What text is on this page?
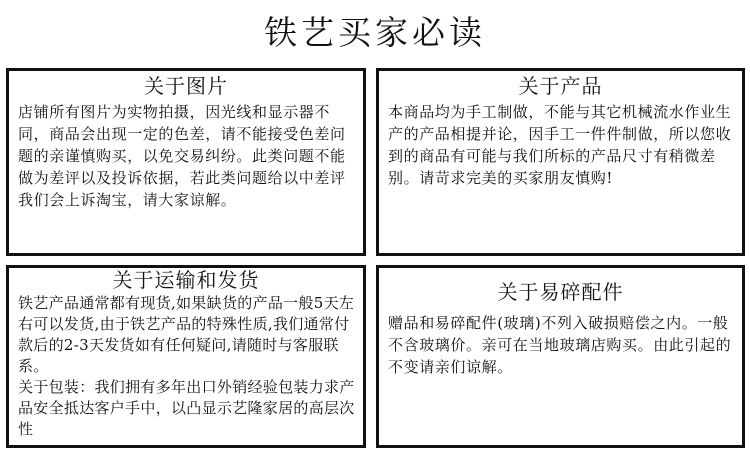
铁艺买家必读
关于图片
店铺所有图片为实物拍摄，因光线和显示器不同，商品会出现一定的色差，请不能接受色差问题的亲谨慎购买，以免交易纠纷。此类问题不能做为差评以及投诉依据，若此类问题给以中差评我们会上诉淘宝，请大家谅解。
关于产品
本商品均为手工制做，不能与其它机械流水作业生产的产品相提并论，因手工一件件制做，所以您收到的商品有可能与我们所标的产品尺寸有稍微差别。请苛求完美的买家朋友慎购!
关于运输和发货
铁艺产品通常都有现货,如果缺货的产品一般5天左右可以发货,由于铁艺产品的特殊性质,我们通常付款后的2-3天发货如有任何疑问,请随时与客服联系。
关于包装：我们拥有多年出口外销经验包装力求产品安全抵达客户手中，以凸显示艺隆家居的高层次性
关于易碎配件
赠品和易碎配件(玻璃)不列入破损赔偿之内。一般不含玻璃价。亲可在当地玻璃店购买。由此引起的不变请亲们谅解。
